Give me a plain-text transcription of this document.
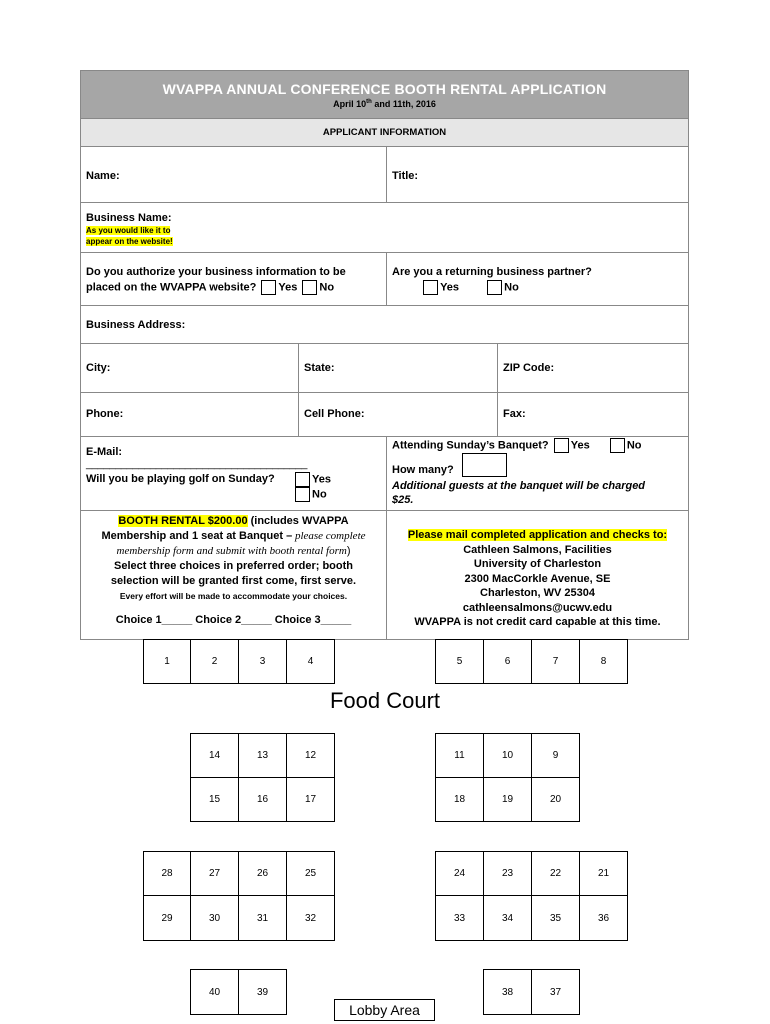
WVAPPA ANNUAL CONFERENCE BOOTH RENTAL APPLICATION
April 10th and 11th, 2016
APPLICANT INFORMATION
Name:	Title:
Business Name:
As you would like it to
appear on the website!
Do you authorize your business information to be
placed on the WVAPPA website? Yes No
Are you a returning business partner?
Yes	No
Business Address:
City:	State:	ZIP Code:
Phone:	Cell Phone:	Fax:
E-Mail:
______________________________________
Will you be playing golf on Sunday?	Yes
No
Attending Sunday’s Banquet? Yes	No
How many?
Additional guests at the banquet will be charged
$25.
BOOTH RENTAL $200.00 (includes WVAPPA
Membership and 1 seat at Banquet – please complete
membership form and submit with booth rental form)
Select three choices in preferred order; booth
selection will be granted first come, first serve.
Every effort will be made to accommodate your choices.
Choice 1_____ Choice 2_____ Choice 3_____
Please mail completed application and checks to:
Cathleen Salmons, Facilities
University of Charleston
2300 MacCorkle Avenue, SE
Charleston, WV 25304
cathleensalmons@ucwv.edu
WVAPPA is not credit card capable at this time.
1	2	3	4	5	6	7	8
Food Court
14	13	12	11	10	9
15	16	17	18	19	20
28	27	26	25	24	23	22	21
29	30	31	32	33	34	35	36
40	39	38	37
Lobby Area
